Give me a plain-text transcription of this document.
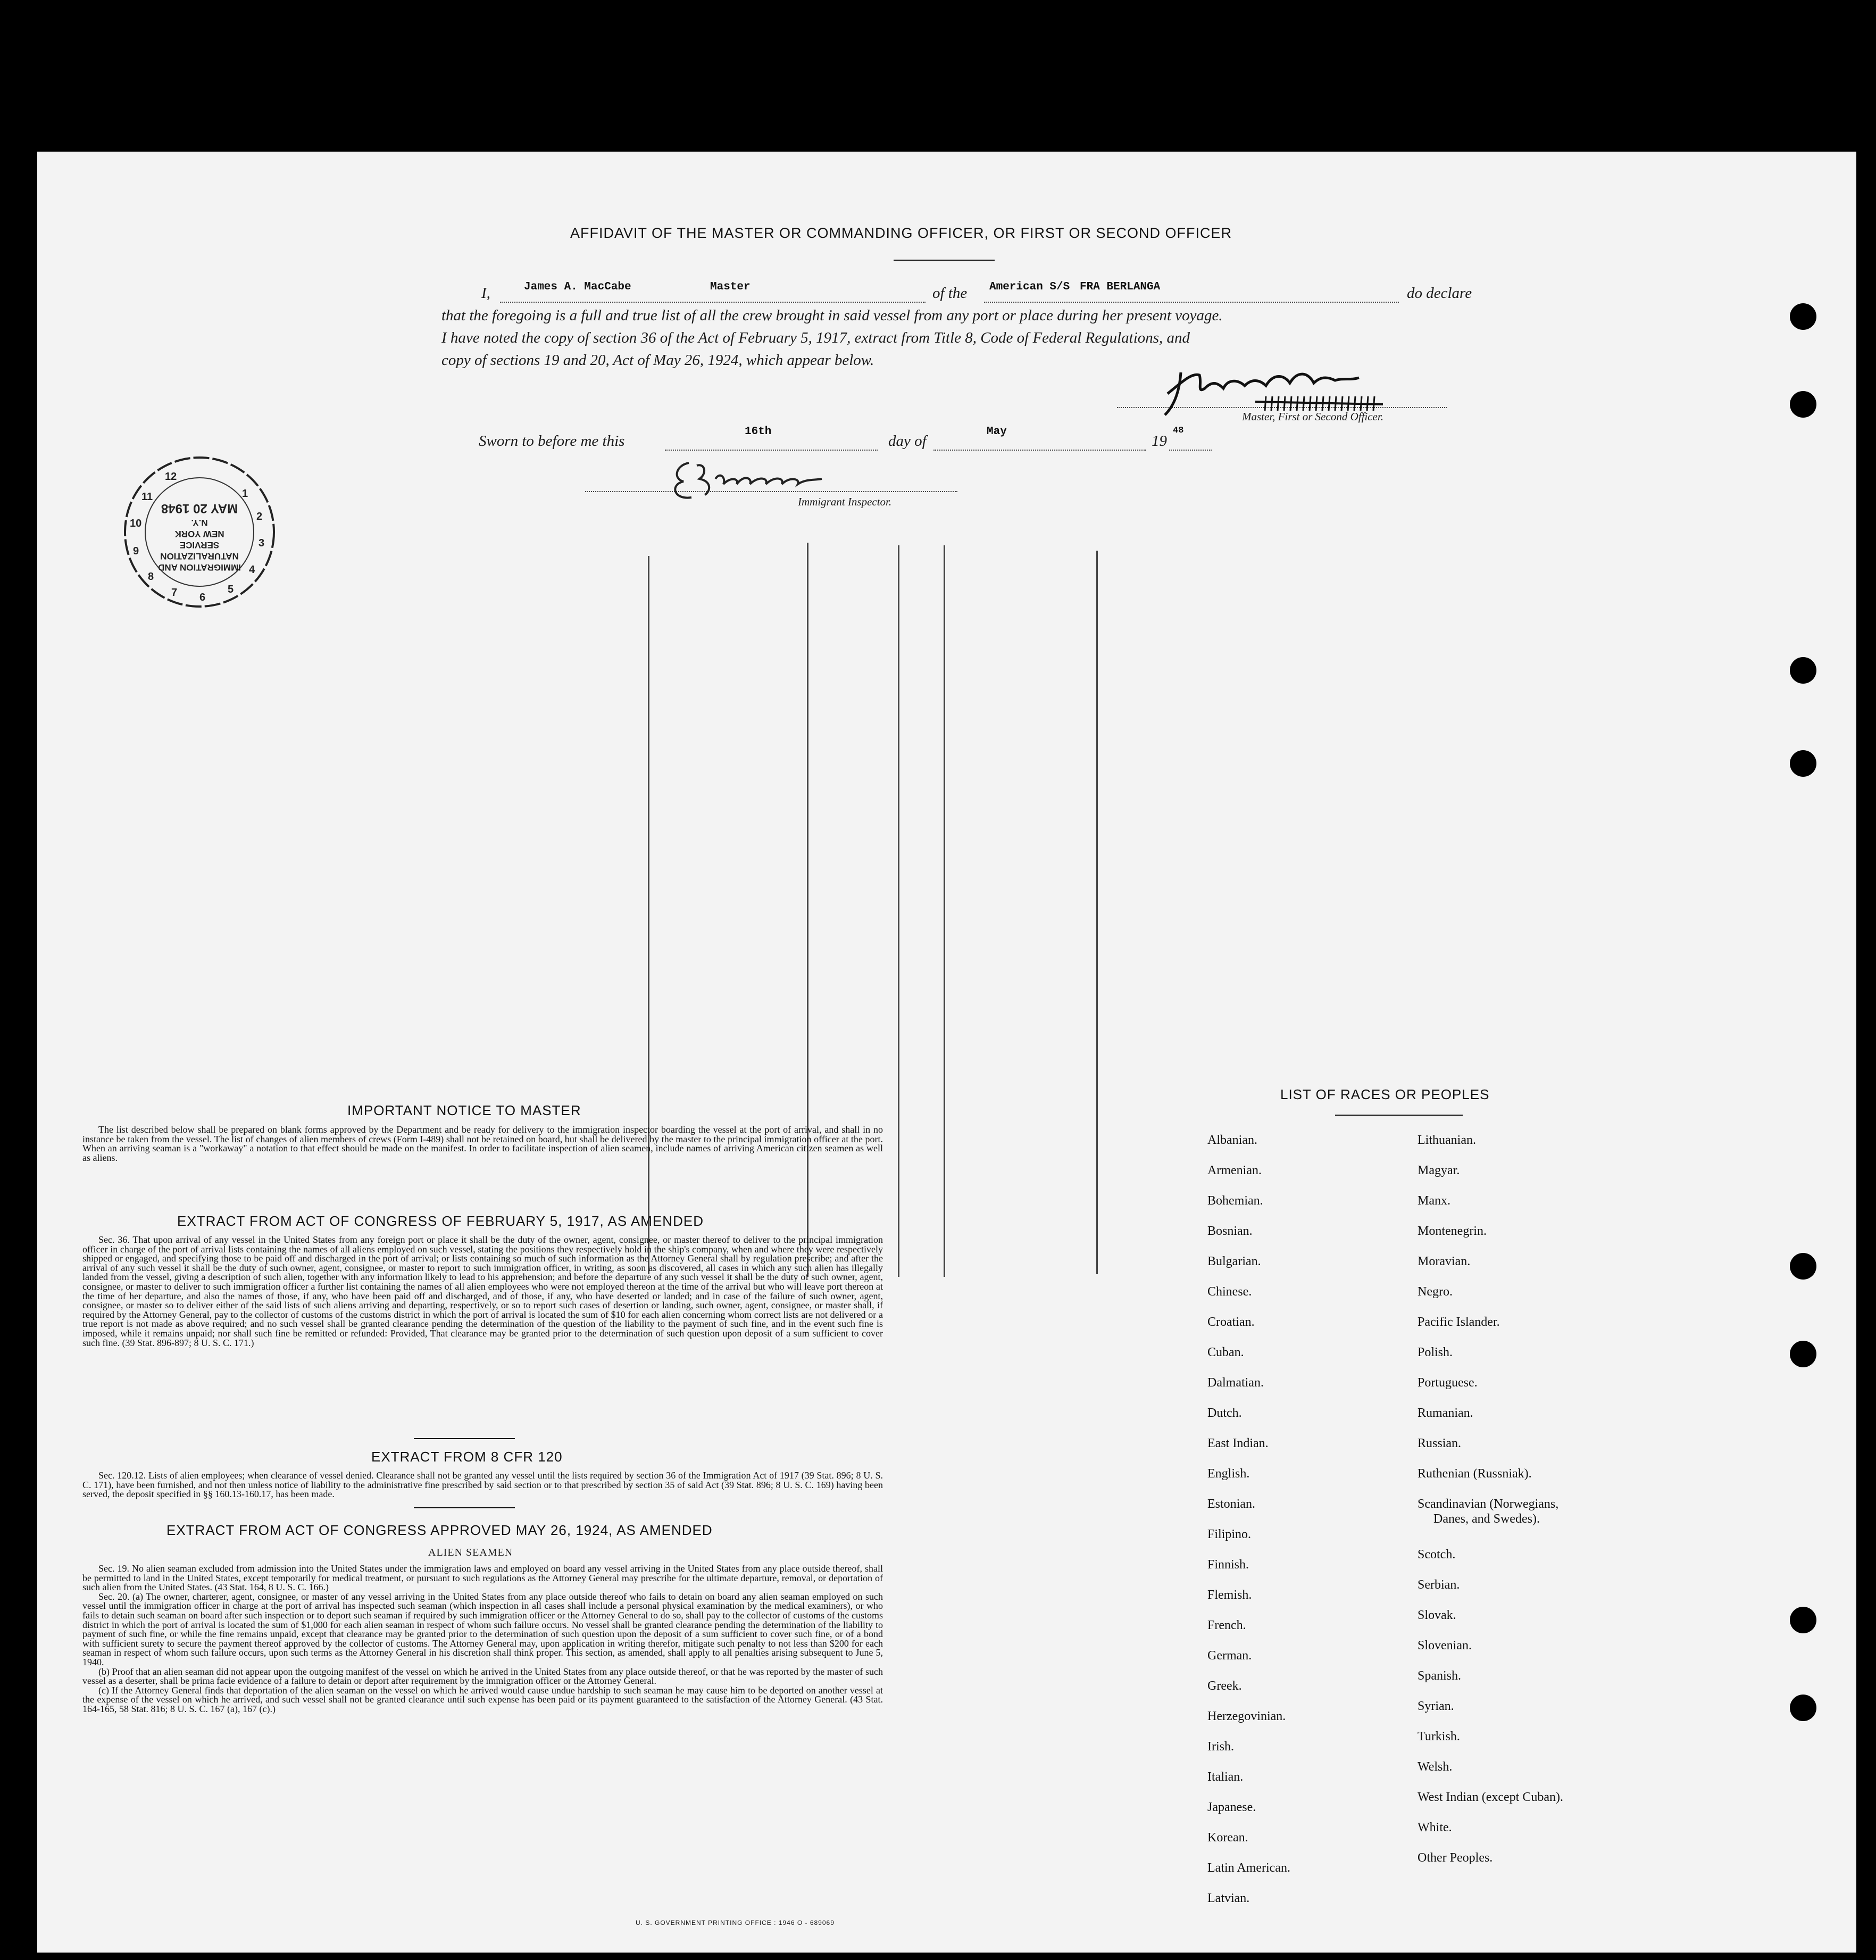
AFFIDAVIT OF THE MASTER OR COMMANDING OFFICER, OR FIRST OR SECOND OFFICER
I,	James A. MacCabe	Master	of the American S/S FRA BERLANGA	do declare
that the foregoing is a full and true list of all the crew brought in said vessel from any port or place during her present voyage.
I have noted the copy of section 36 of the Act of February 5, 1917, extract from Title 8, Code of Federal Regulations, and
copy of sections 19 and 20, Act of May 26, 1924, which appear below.
Master, First or Second Officer.
Sworn to before me this
16th
day of
May
19
48
Immigrant Inspector.
IMMIGRATION AND
NATURALIZATION
SERVICE
NEW YORK
N.Y.
MAY 20 1948
1
2
3
4
5
6
7
8
9
10
11
12
IMPORTANT NOTICE TO MASTER

The list described below shall be prepared on blank forms approved by the Department and be ready for delivery to the immigration inspector boarding the vessel at the port of arrival, and shall in no instance be taken from the vessel. The list of changes of alien members of crews (Form I-489) shall not be retained on board, but shall be delivered by the master to the principal immigration officer at the port. When an arriving seaman is a "workaway" a notation to that effect should be made on the manifest. In order to facilitate inspection of alien seamen, include names of arriving American citizen seamen as well as aliens.

EXTRACT FROM ACT OF CONGRESS OF FEBRUARY 5, 1917, AS AMENDED

Sec. 36. That upon arrival of any vessel in the United States from any foreign port or place it shall be the duty of the owner, agent, consignee, or master thereof to deliver to the principal immigration officer in charge of the port of arrival lists containing the names of all aliens employed on such vessel, stating the positions they respectively hold in the ship's company, when and where they were respectively shipped or engaged, and specifying those to be paid off and discharged in the port of arrival; or lists containing so much of such information as the Attorney General shall by regulation prescribe; and after the arrival of any such vessel it shall be the duty of such owner, agent, consignee, or master to report to such immigration officer, in writing, as soon as discovered, all cases in which any such alien has illegally landed from the vessel, giving a description of such alien, together with any information likely to lead to his apprehension; and before the departure of any such vessel it shall be the duty of such owner, agent, consignee, or master to deliver to such immigration officer a further list containing the names of all alien employees who were not employed thereon at the time of the arrival but who will leave port thereon at the time of her departure, and also the names of those, if any, who have been paid off and discharged, and of those, if any, who have deserted or landed; and in case of the failure of such owner, agent, consignee, or master so to deliver either of the said lists of such aliens arriving and departing, respectively, or so to report such cases of desertion or landing, such owner, agent, consignee, or master shall, if required by the Attorney General, pay to the collector of customs of the customs district in which the port of arrival is located the sum of $10 for each alien concerning whom correct lists are not delivered or a true report is not made as above required; and no such vessel shall be granted clearance pending the determination of the question of the liability to the payment of such fine, and in the event such fine is imposed, while it remains unpaid; nor shall such fine be remitted or refunded: Provided, That clearance may be granted prior to the determination of such question upon deposit of a sum sufficient to cover such fine. (39 Stat. 896-897; 8 U. S. C. 171.)

EXTRACT FROM 8 CFR 120

Sec. 120.12. Lists of alien employees; when clearance of vessel denied. Clearance shall not be granted any vessel until the lists required by section 36 of the Immigration Act of 1917 (39 Stat. 896; 8 U. S. C. 171), have been furnished, and not then unless notice of liability to the administrative fine prescribed by said section or to that prescribed by section 35 of said Act (39 Stat. 896; 8 U. S. C. 169) having been served, the deposit specified in §§ 160.13-160.17, has been made.

EXTRACT FROM ACT OF CONGRESS APPROVED MAY 26, 1924, AS AMENDED
ALIEN SEAMEN

Sec. 19. No alien seaman excluded from admission into the United States under the immigration laws and employed on board any vessel arriving in the United States from any place outside thereof, shall be permitted to land in the United States, except temporarily for medical treatment, or pursuant to such regulations as the Attorney General may prescribe for the ultimate departure, removal, or deportation of such alien from the United States. (43 Stat. 164, 8 U. S. C. 166.)

Sec. 20. (a) The owner, charterer, agent, consignee, or master of any vessel arriving in the United States from any place outside thereof who fails to detain on board any alien seaman employed on such vessel until the immigration officer in charge at the port of arrival has inspected such seaman (which inspection in all cases shall include a personal physical examination by the medical examiners), or who fails to detain such seaman on board after such inspection or to deport such seaman if required by such immigration officer or the Attorney General to do so, shall pay to the collector of customs of the customs district in which the port of arrival is located the sum of $1,000 for each alien seaman in respect of whom such failure occurs. No vessel shall be granted clearance pending the determination of the liability to payment of such fine, or while the fine remains unpaid, except that clearance may be granted prior to the determination of such question upon the deposit of a sum sufficient to cover such fine, or of a bond with sufficient surety to secure the payment thereof approved by the collector of customs. The Attorney General may, upon application in writing therefor, mitigate such penalty to not less than $200 for each seaman in respect of whom such failure occurs, upon such terms as the Attorney General in his discretion shall think proper. This section, as amended, shall apply to all penalties arising subsequent to June 5, 1940.

(b) Proof that an alien seaman did not appear upon the outgoing manifest of the vessel on which he arrived in the United States from any place outside thereof, or that he was reported by the master of such vessel as a deserter, shall be prima facie evidence of a failure to detain or deport after requirement by the immigration officer or the Attorney General.

(c) If the Attorney General finds that deportation of the alien seaman on the vessel on which he arrived would cause undue hardship to such seaman he may cause him to be deported on another vessel at the expense of the vessel on which he arrived, and such vessel shall not be granted clearance until such expense has been paid or its payment guaranteed to the satisfaction of the Attorney General. (43 Stat. 164-165, 58 Stat. 816; 8 U. S. C. 167 (a), 167 (c).)

U. S. GOVERNMENT PRINTING OFFICE : 1946 O - 689069
LIST OF RACES OR PEOPLES
Albanian.
Armenian.
Bohemian.
Bosnian.
Bulgarian.
Chinese.
Croatian.
Cuban.
Dalmatian.
Dutch.
East Indian.
English.
Estonian.
Filipino.
Finnish.
Flemish.
French.
German.
Greek.
Herzegovinian.
Irish.
Italian.
Japanese.
Korean.
Latin American.
Latvian.
Lithuanian.
Magyar.
Manx.
Montenegrin.
Moravian.
Negro.
Pacific Islander.
Polish.
Portuguese.
Rumanian.
Russian.
Ruthenian (Russniak).
Scandinavian (Norwegians,
Danes, and Swedes).
Scotch.
Serbian.
Slovak.
Slovenian.
Spanish.
Syrian.
Turkish.
Welsh.
West Indian (except Cuban).
White.
Other Peoples.
